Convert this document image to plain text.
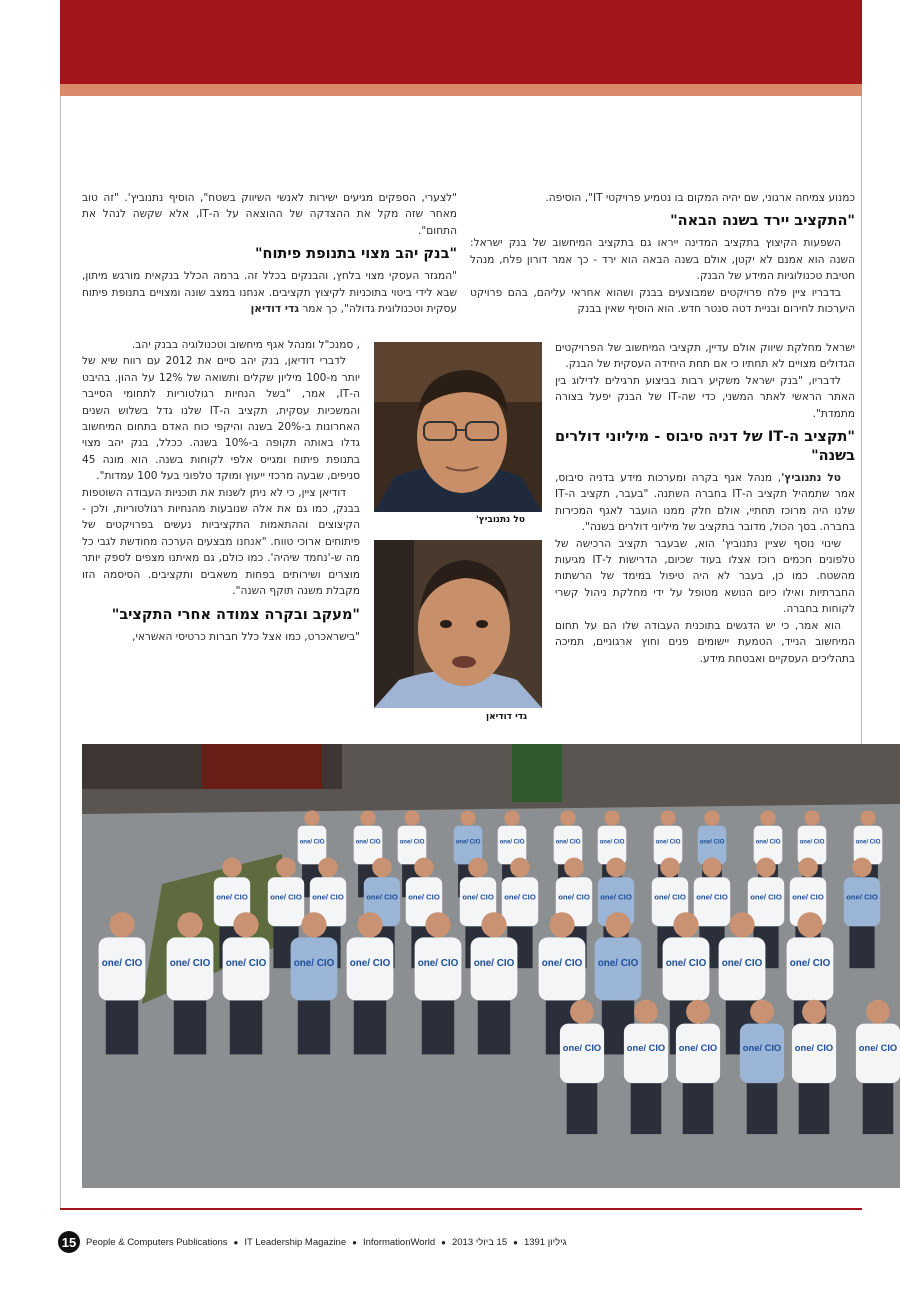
כמנוע צמיחה ארגוני, שם יהיה המקום בו נטמיע פרויקטי IT", הוסיפה.

"התקציב יירד בשנה הבאה"

השפעות הקיצוץ בתקציב המדינה ייראו גם בתקציב המיחשוב של בנק ישראל: השנה הוא אמנם לא יקטן, אולם בשנה הבאה הוא ירד - כך אמר דורון פלח, מנהל חטיבת טכנולוגיות המידע של הבנק.

בדבריו ציין פלח פרויקטים שמבוצעים בבנק ושהוא אחראי עליהם, בהם פרויקט היערכות לחירום ובניית דטה סנטר חדש. הוא הוסיף שאין בבנק

ישראל מחלקת שיווק אולם עדיין, תקציבי המיחשוב של הפרויקטים הגדולים מצויים לא תחתיו כי אם תחת היחידה העסקית של הבנק.

לדבריו, "בנק ישראל משקיע רבות בביצוע תרגילים לדילוג בין האתר הראשי לאתר המשני, כדי שה-IT של הבנק יפעל בצורה מתמדת".

"תקציב ה-IT של דניה סיבוס - מיליוני דולרים בשנה"

טל נתנוביץ', מנהל אגף בקרה ומערכות מידע בדניה סיבוס, אמר שתמהיל תקציב ה-IT בחברה השתנה. "בעבר, תקציב ה-IT שלנו היה מרוכז תחתיי, אולם חלק ממנו הועבר לאגף המכירות בחברה. בסך הכול, מדובר בתקציב של מיליוני דולרים בשנה".

שינוי נוסף שציין נתנוביץ' הוא, שבעבר תקציב הרכישה של טלפונים חכמים רוכז אצלו בעוד שכיום, הדרישות ל-IT מגיעות מהשטח. כמו כן, בעבר לא היה טיפול במימד של הרשתות החברתיות ואילו כיום הנושא מטופל על ידי מחלקת ניהול קשרי לקוחות בחברה.

הוא אמר, כי יש הדגשים בתוכנית העבודה שלו הם על תחום המיחשוב הנייד, הטמעת יישומים פנים וחוץ ארגוניים, תמיכה בתהליכים העסקיים ואבטחת מידע.

"לצערי, הספקים מגיעים ישירות לאנשי השיווק בשטח", הוסיף נתנוביץ'. "זה טוב מאחר שזה מקל את ההצדקה של ההוצאה על ה-IT, אלא שקשה לנהל את התחום".

"בנק יהב מצוי בתנופת פיתוח"

"המגזר העסקי מצוי בלחץ, והבנקים בכלל זה. ברמה הכלל בנקאית מורגש מיתון, שבא לידי ביטוי בתוכניות לקיצוץ תקציבים. אנחנו במצב שונה ומצויים בתנופת פיתוח עסקית וטכנולוגית גדולה", כך אמר גדי דודיאן

, סמנכ"ל ומנהל אגף מיחשוב וטכנולוגיה בבנק יהב.

לדברי דודיאן, בנק יהב סיים את 2012 עם רווח שיא של יותר מ-100 מיליון שקלים ותשואה של 12% על ההון. בהיבט ה-IT, אמר, "בשל הנחיות רגולטוריות לתחומי הסייבר והמשכיות עסקית, תקציב ה-IT שלנו גדל בשלוש השנים האחרונות ב-20% בשנה והיקפי כוח האדם בתחום המיחשוב גדלו באותה תקופה ב-10% בשנה. ככלל, בנק יהב מצוי בתנופת פיתוח ומגייס אלפי לקוחות בשנה. הוא מונה 45 סניפים, שבעה מרכזי ייעוץ ומוקד טלפוני בעל 100 עמדות".

דודיאן ציין, כי לא ניתן לשנות את תוכניות העבודה השוטפות בבנק, כמו גם את אלה שנובעות מהנחיות רגולטוריות, ולכן - הקיצוצים וההתאמות התקציביות נעשים בפרויקטים של פיתוחים ארוכי טווח. "אנחנו מבצעים הערכה מחודשת לגבי כל מה ש-'נחמד שיהיה'. כמו כולם, גם מאיתנו מצפים לספק יותר מוצרים ושירותים בפחות משאבים ותקציבים. הסיסמה הזו מקבלת משנה תוקף השנה".

"מעקב ובקרה צמודה אחרי התקציב"

"בישראכרט, כמו אצל כלל חברות כרטיסי האשראי,

טל נתנוביץ'
גדי דודיאן
one/ CIO	one/ CIO	one/ CIO	one/ CIO	one/ CIO	one/ CIO	one/ CIO	one/ CIO	one/ CIO	one/ CIO	one/ CIO	one/ CIO
one/ CIO	one/ CIO one/ CIO	one/ CIO one/ CIO	one/ CIO one/ CIO	one/ CIO one/ CIO	one/ CIO one/ CIO	one/ CIO one/ CIO	one/ CIO
one/ CIO	one/ CIO one/ CIO	one/ CIO one/ CIO	one/ CIO one/ CIO	one/ CIO one/ CIO	one/ CIO one/ CIO	one/ CIO
one/ CIO	one/ CIO one/ CIO	one/ CIO one/ CIO	one/ CIO
15	People & Computers Publications ● IT Leadership Magazine ● InformationWorld ● 15 ביולי 2013 ● גיליון 1391
